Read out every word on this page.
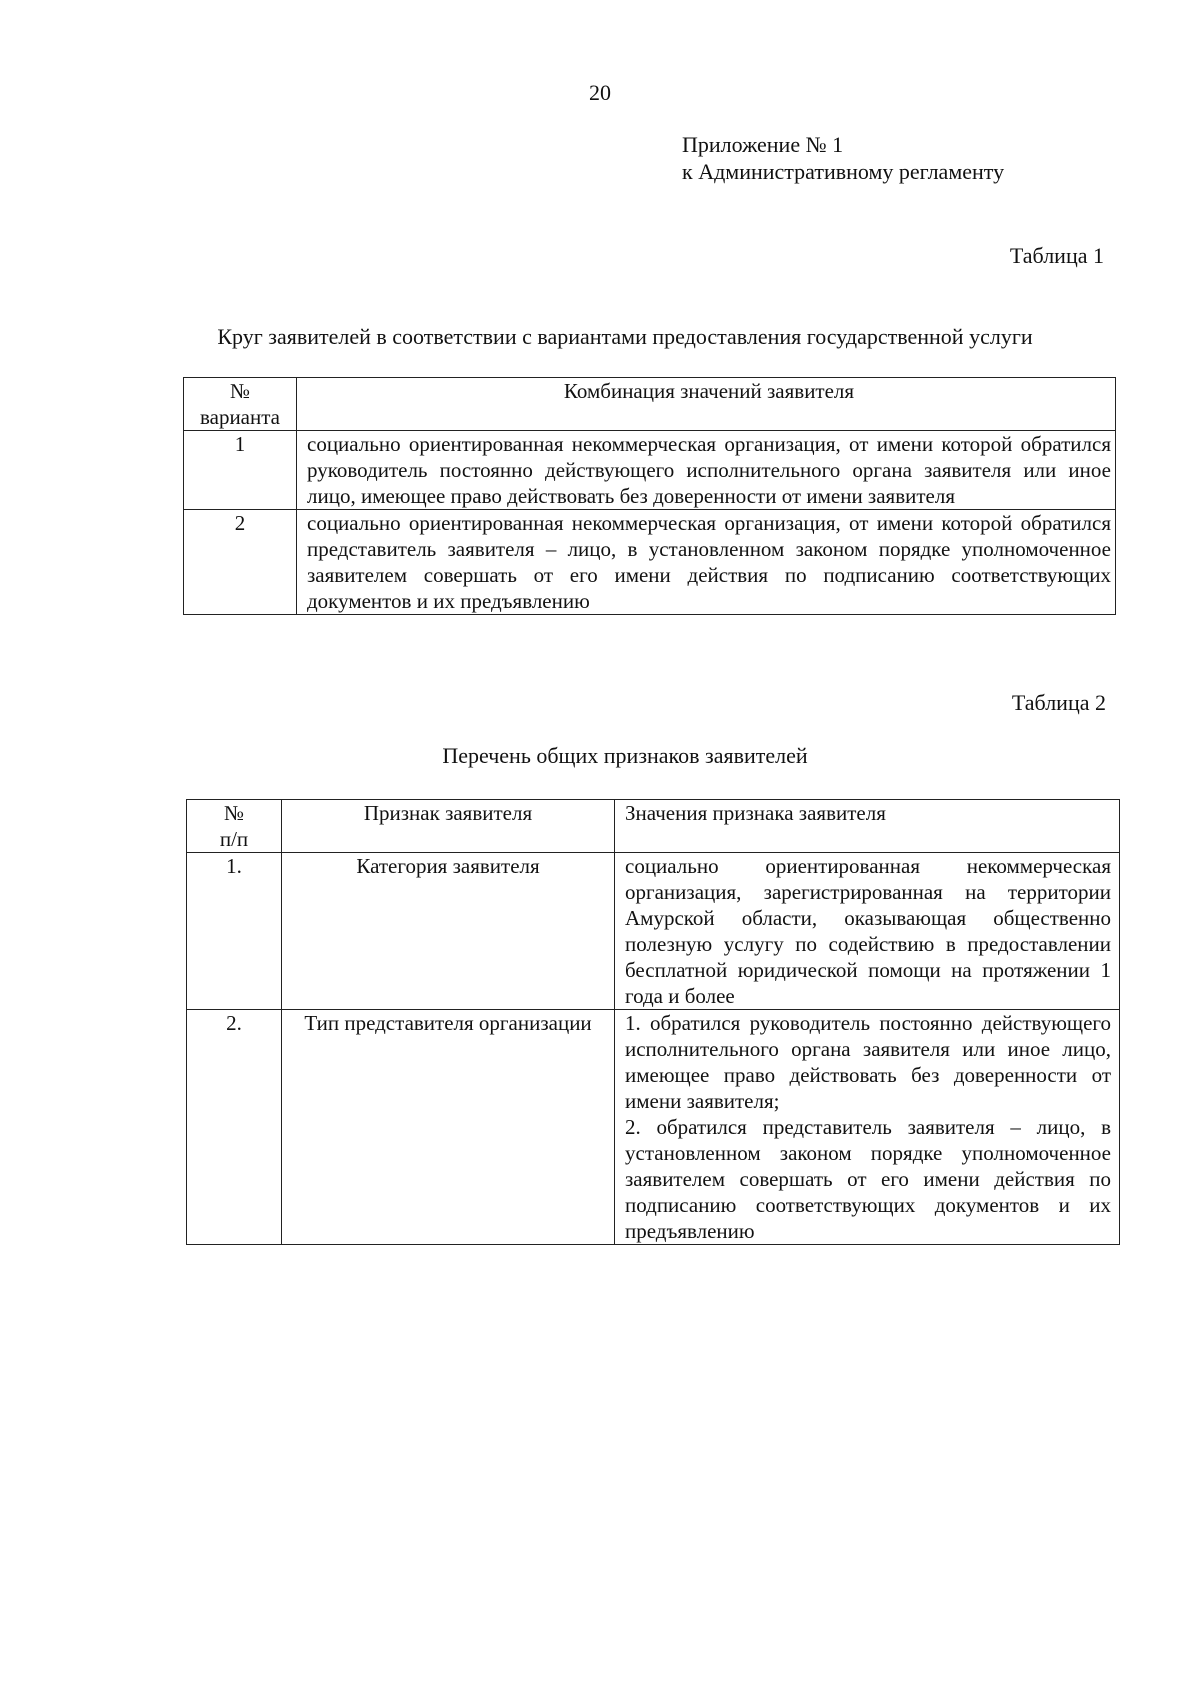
20
Приложение № 1
к Административному регламенту
Таблица 1
Круг заявителей в соответствии с вариантами предоставления государственной услуги
№
варианта	Комбинация значений заявителя
1	социально ориентированная некоммерческая организация, от имени которой обратился руководитель постоянно действующего исполнительного органа заявителя или иное лицо, имеющее право действовать без доверенности от имени заявителя
2	социально ориентированная некоммерческая организация, от имени которой обратился представитель заявителя – лицо, в установленном законом порядке уполномоченное заявителем совершать от его имени действия по подписанию соответствующих документов и их предъявлению
Таблица 2
Перечень общих признаков заявителей
№
п/п	Признак заявителя	Значения признака заявителя
1.	Категория заявителя	социально ориентированная некоммерческая организация, зарегистрированная на территории Амурской области, оказывающая общественно полезную услугу по содействию в предоставлении бесплатной юридической помощи на протяжении 1 года и более
2.	Тип представителя организации	1. обратился руководитель постоянно действующего исполнительного органа заявителя или иное лицо, имеющее право действовать без доверенности от имени заявителя;
2. обратился представитель заявителя – лицо, в установленном законом порядке уполномоченное заявителем совершать от его имени действия по подписанию соответствующих документов и их предъявлению
